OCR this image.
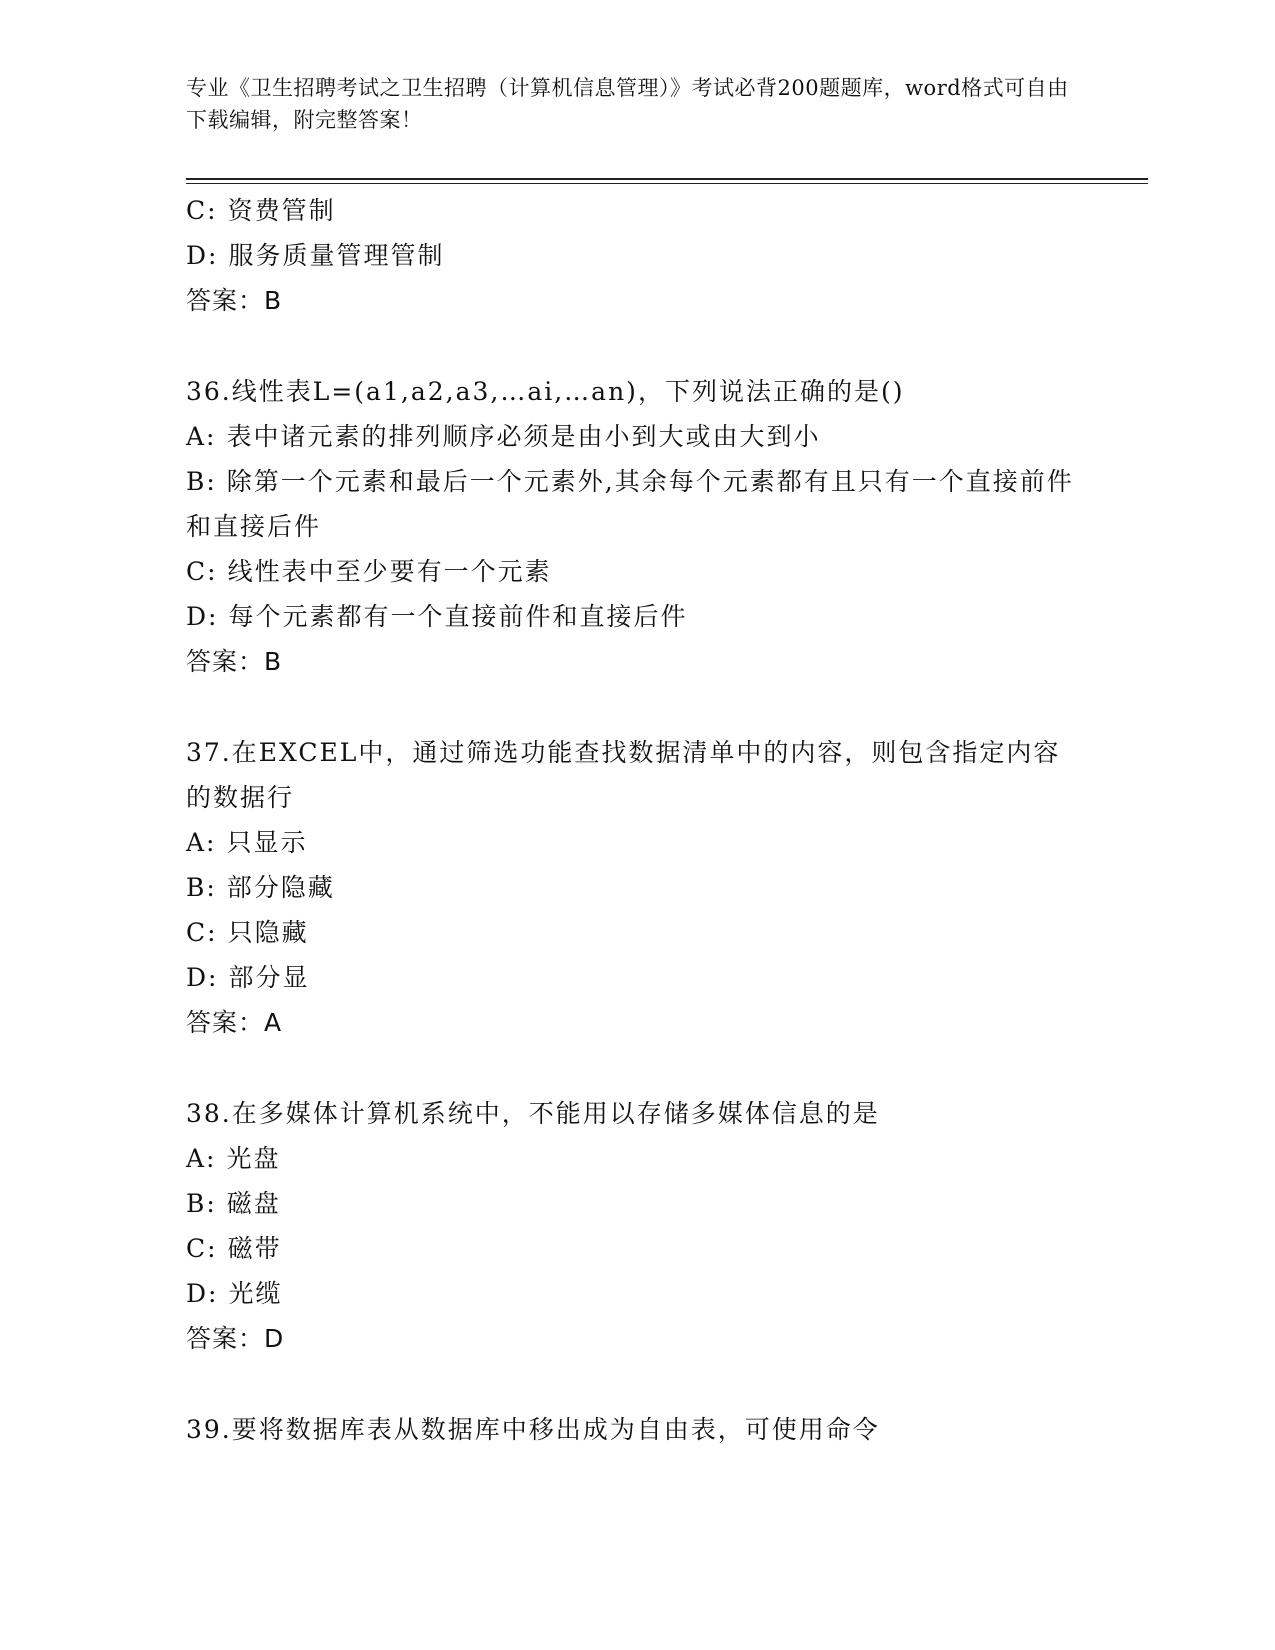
专业《卫生招聘考试之卫生招聘（计算机信息管理）》考试必背200题题库，word格式可自由下载编辑，附完整答案！
C: 资费管制
D: 服务质量管理管制
答案：B
36.线性表L=(a1,a2,a3,…ai,…an)，下列说法正确的是()
A: 表中诸元素的排列顺序必须是由小到大或由大到小
B: 除第一个元素和最后一个元素外,其余每个元素都有且只有一个直接前件和直接后件
C: 线性表中至少要有一个元素
D: 每个元素都有一个直接前件和直接后件
答案：B
37.在EXCEL中，通过筛选功能查找数据清单中的内容，则包含指定内容的数据行
A: 只显示
B: 部分隐藏
C: 只隐藏
D: 部分显
答案：A
38.在多媒体计算机系统中，不能用以存储多媒体信息的是
A: 光盘
B: 磁盘
C: 磁带
D: 光缆
答案：D
39.要将数据库表从数据库中移出成为自由表，可使用命令
